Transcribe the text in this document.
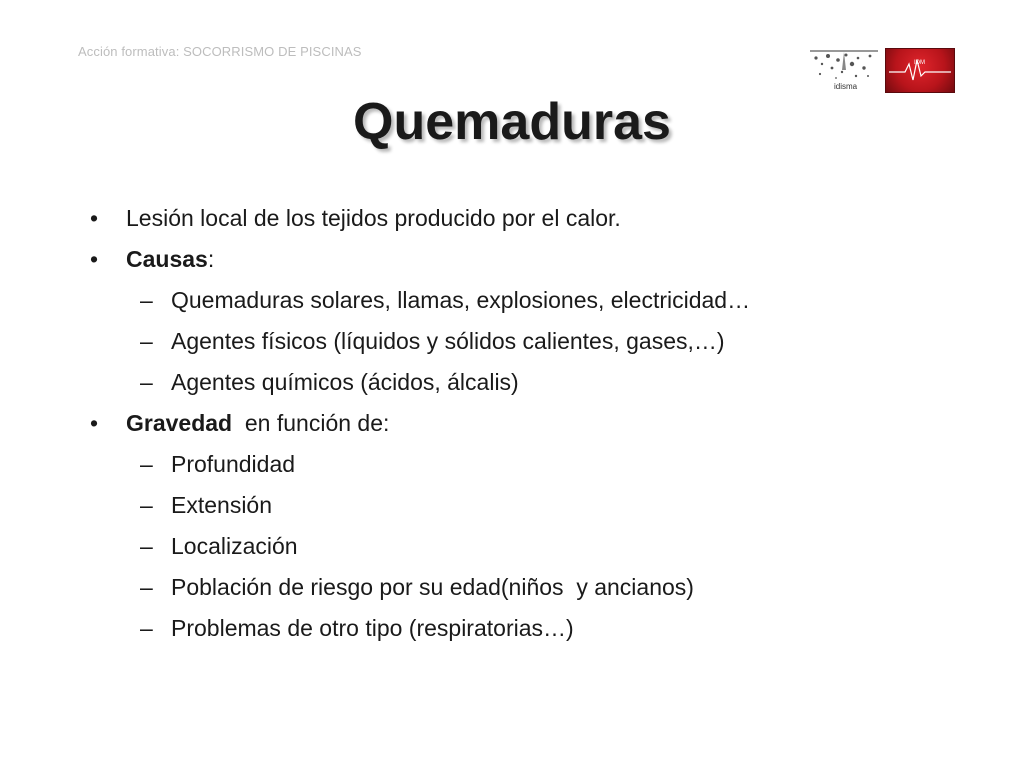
Acción formativa: SOCORRISMO DE PISCINAS
idisma
IDM
Quemaduras
• Lesión local de los tejidos producido por el calor.
• Causas:
– Quemaduras solares, llamas, explosiones, electricidad…
– Agentes físicos (líquidos y sólidos calientes, gases,…)
– Agentes químicos (ácidos, álcalis)
• Gravedad  en función de:
– Profundidad
– Extensión
– Localización
– Población de riesgo por su edad(niños  y ancianos)
– Problemas de otro tipo (respiratorias…)
